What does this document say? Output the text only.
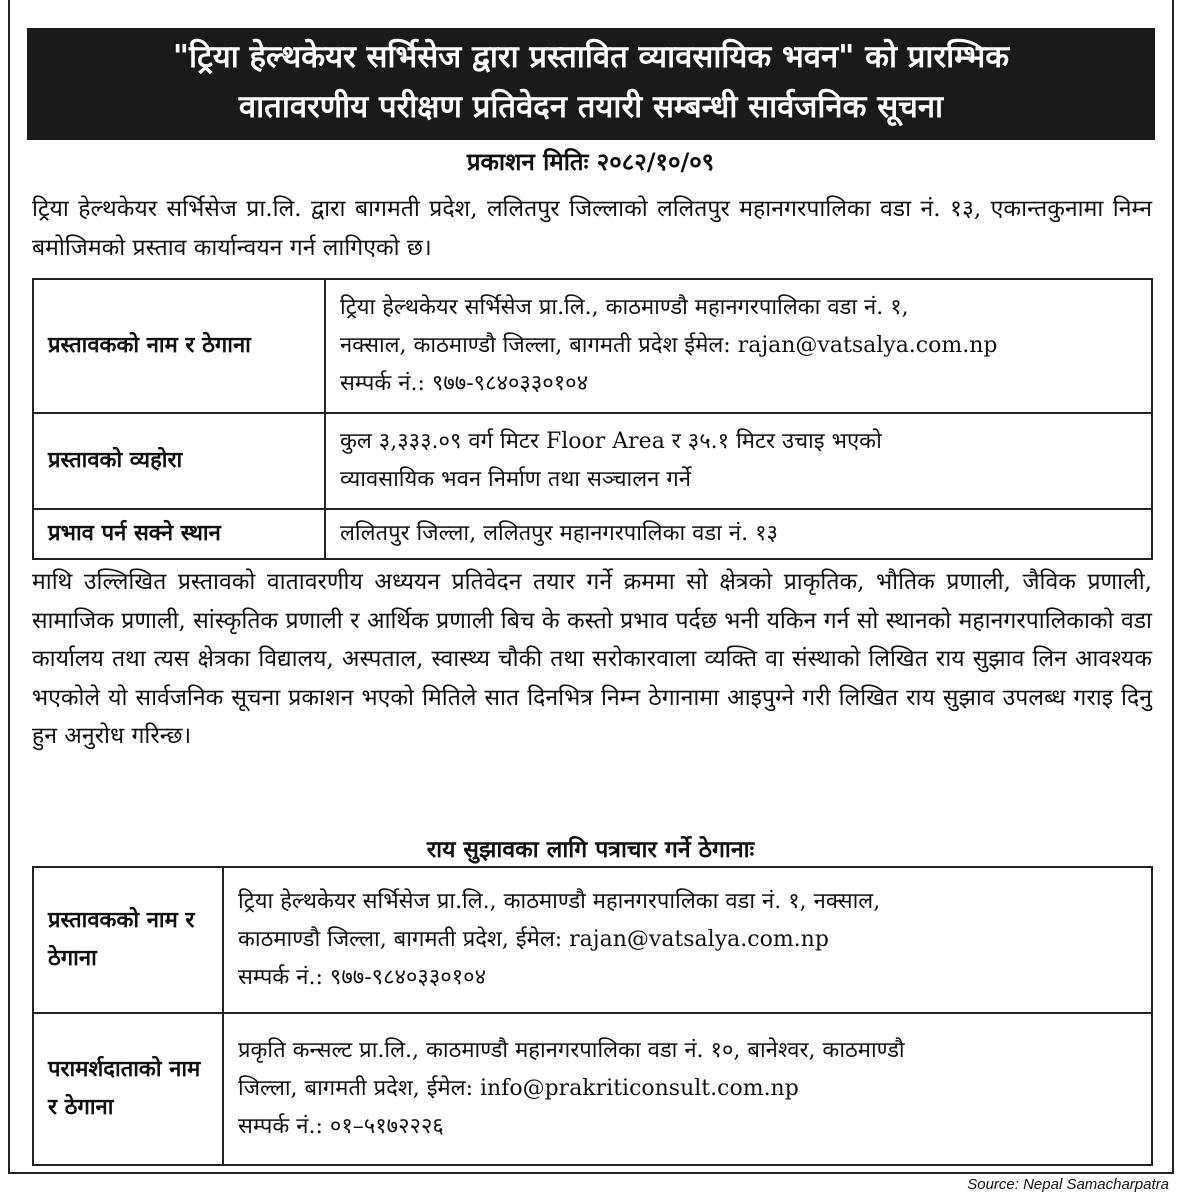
"ट्रिया हेल्थकेयर सर्भिसेज द्वारा प्रस्तावित व्यावसायिक भवन" को प्रारम्भिक
वातावरणीय परीक्षण प्रतिवेदन तयारी सम्बन्धी सार्वजनिक सूचना
प्रकाशन मितिः २०८२/१०/०९
ट्रिया हेल्थकेयर सर्भिसेज प्रा.लि. द्वारा बागमती प्रदेश, ललितपुर जिल्लाको ललितपुर महानगरपालिका वडा नं. १३, एकान्तकुनामा निम्न बमोजिमको प्रस्ताव कार्यान्वयन गर्न लागिएको छ।
प्रस्तावकको नाम र ठेगाना	ट्रिया हेल्थकेयर सर्भिसेज प्रा.लि., काठमाण्डौ महानगरपालिका वडा नं. १,
नक्साल, काठमाण्डौ जिल्ला, बागमती प्रदेश ईमेल: rajan@vatsalya.com.np
सम्पर्क नं.: ९७७-९८४०३३०१०४

प्रस्तावको व्यहोरा	कुल ३,३३३.०९ वर्ग मिटर Floor Area र ३५.१ मिटर उचाइ भएको
व्यावसायिक भवन निर्माण तथा सञ्चालन गर्ने

प्रभाव पर्न सक्ने स्थान	ललितपुर जिल्ला, ललितपुर महानगरपालिका वडा नं. १३
माथि उल्लिखित प्रस्तावको वातावरणीय अध्ययन प्रतिवेदन तयार गर्ने क्रममा सो क्षेत्रको प्राकृतिक, भौतिक प्रणाली, जैविक प्रणाली, सामाजिक प्रणाली, सांस्कृतिक प्रणाली र आर्थिक प्रणाली बिच के कस्तो प्रभाव पर्दछ भनी यकिन गर्न सो स्थानको महानगरपालिकाको वडा कार्यालय तथा त्यस क्षेत्रका विद्यालय, अस्पताल, स्वास्थ्य चौकी तथा सरोकारवाला व्यक्ति वा संस्थाको लिखित राय सुझाव लिन आवश्यक भएकोले यो सार्वजनिक सूचना प्रकाशन भएको मितिले सात दिनभित्र निम्न ठेगानामा आइपुग्ने गरी लिखित राय सुझाव उपलब्ध गराइ दिनु हुन अनुरोध गरिन्छ।
राय सुझावका लागि पत्राचार गर्ने ठेगानाः
प्रस्तावकको नाम र ठेगाना	ट्रिया हेल्थकेयर सर्भिसेज प्रा.लि., काठमाण्डौ महानगरपालिका वडा नं. १, नक्साल,
काठमाण्डौ जिल्ला, बागमती प्रदेश, ईमेल: rajan@vatsalya.com.np
सम्पर्क नं.: ९७७-९८४०३३०१०४

परामर्शदाताको नाम र ठेगाना	प्रकृति कन्सल्ट प्रा.लि., काठमाण्डौ महानगरपालिका वडा नं. १०, बानेश्वर, काठमाण्डौ
जिल्ला, बागमती प्रदेश, ईमेल: info@prakriticonsult.com.np
सम्पर्क नं.: ०१–५१७२२२६
Source: Nepal Samacharpatra
